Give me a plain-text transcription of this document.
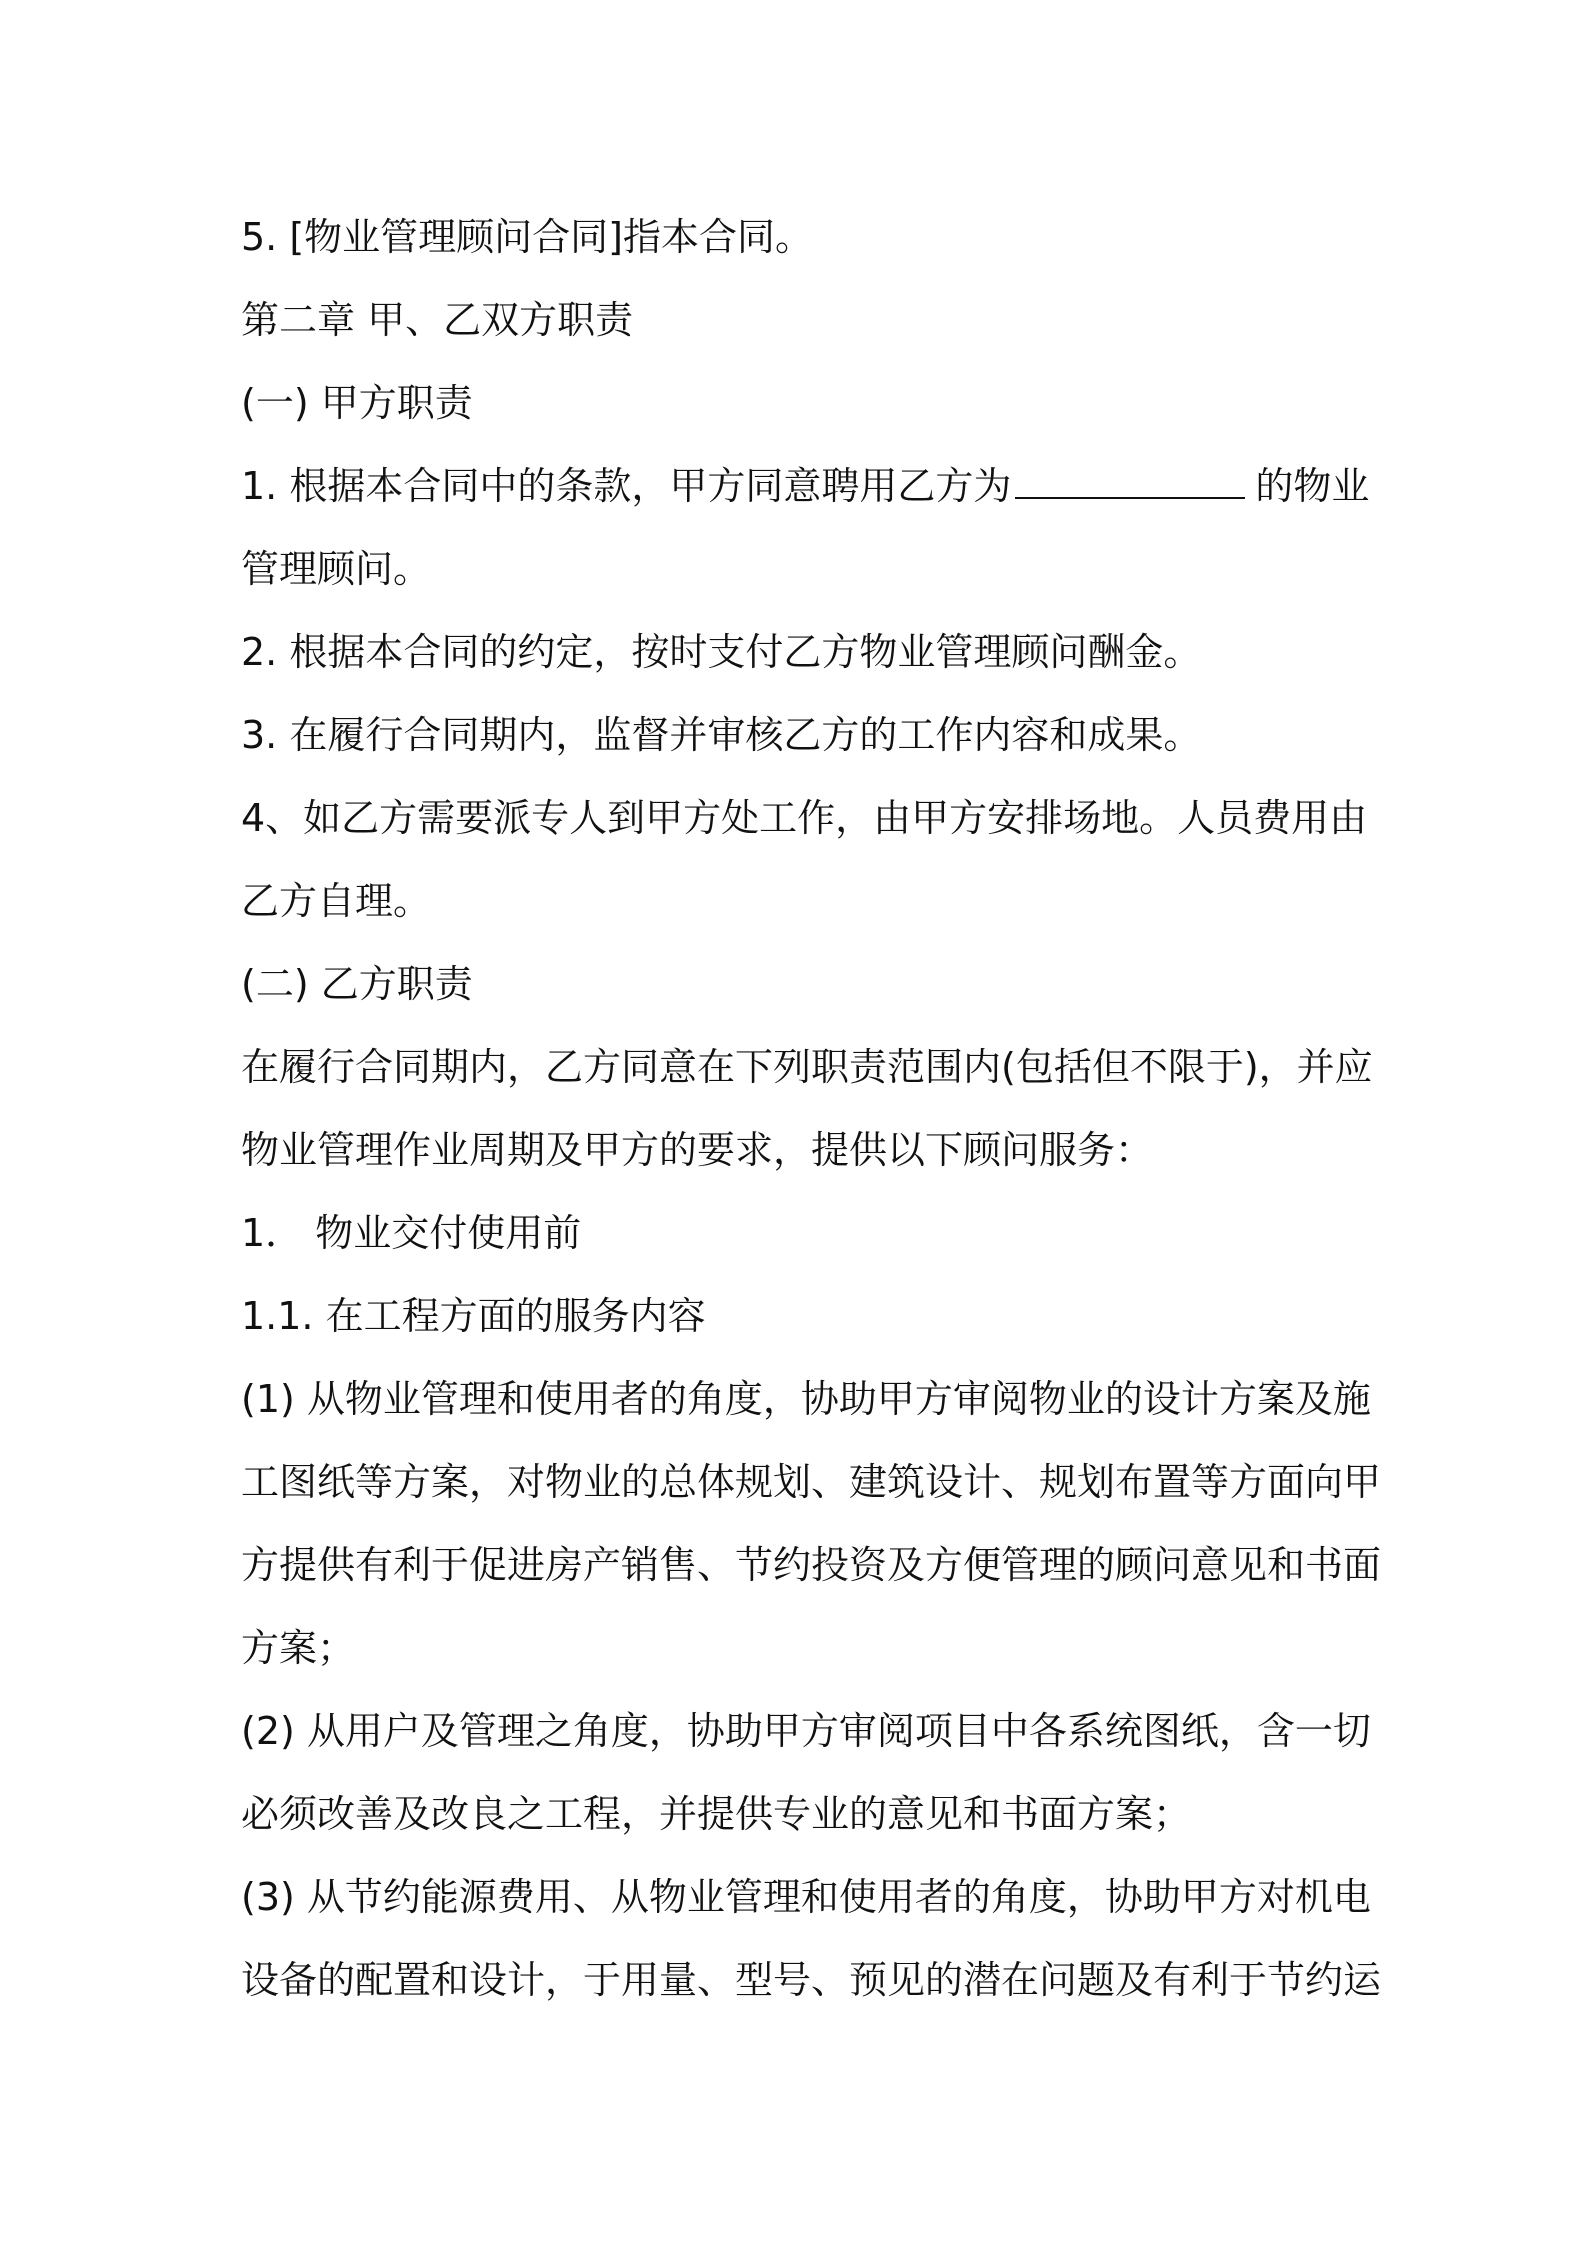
5. [物业管理顾问合同]指本合同。
第二章 甲、乙双方职责
(一) 甲方职责
1. 根据本合同中的条款，甲方同意聘用乙方为	的物业
管理顾问。
2. 根据本合同的约定，按时支付乙方物业管理顾问酬金。
3. 在履行合同期内，监督并审核乙方的工作内容和成果。
4、如乙方需要派专人到甲方处工作，由甲方安排场地。人员费用由
乙方自理。
(二) 乙方职责
在履行合同期内，乙方同意在下列职责范围内(包括但不限于)，并应
物业管理作业周期及甲方的要求，提供以下顾问服务：
1． 物业交付使用前
1.1. 在工程方面的服务内容
(1) 从物业管理和使用者的角度，协助甲方审阅物业的设计方案及施
工图纸等方案，对物业的总体规划、建筑设计、规划布置等方面向甲
方提供有利于促进房产销售、节约投资及方便管理的顾问意见和书面
方案；
(2) 从用户及管理之角度，协助甲方审阅项目中各系统图纸，含一切
必须改善及改良之工程，并提供专业的意见和书面方案；
(3) 从节约能源费用、从物业管理和使用者的角度，协助甲方对机电
设备的配置和设计，于用量、型号、预见的潜在问题及有利于节约运
